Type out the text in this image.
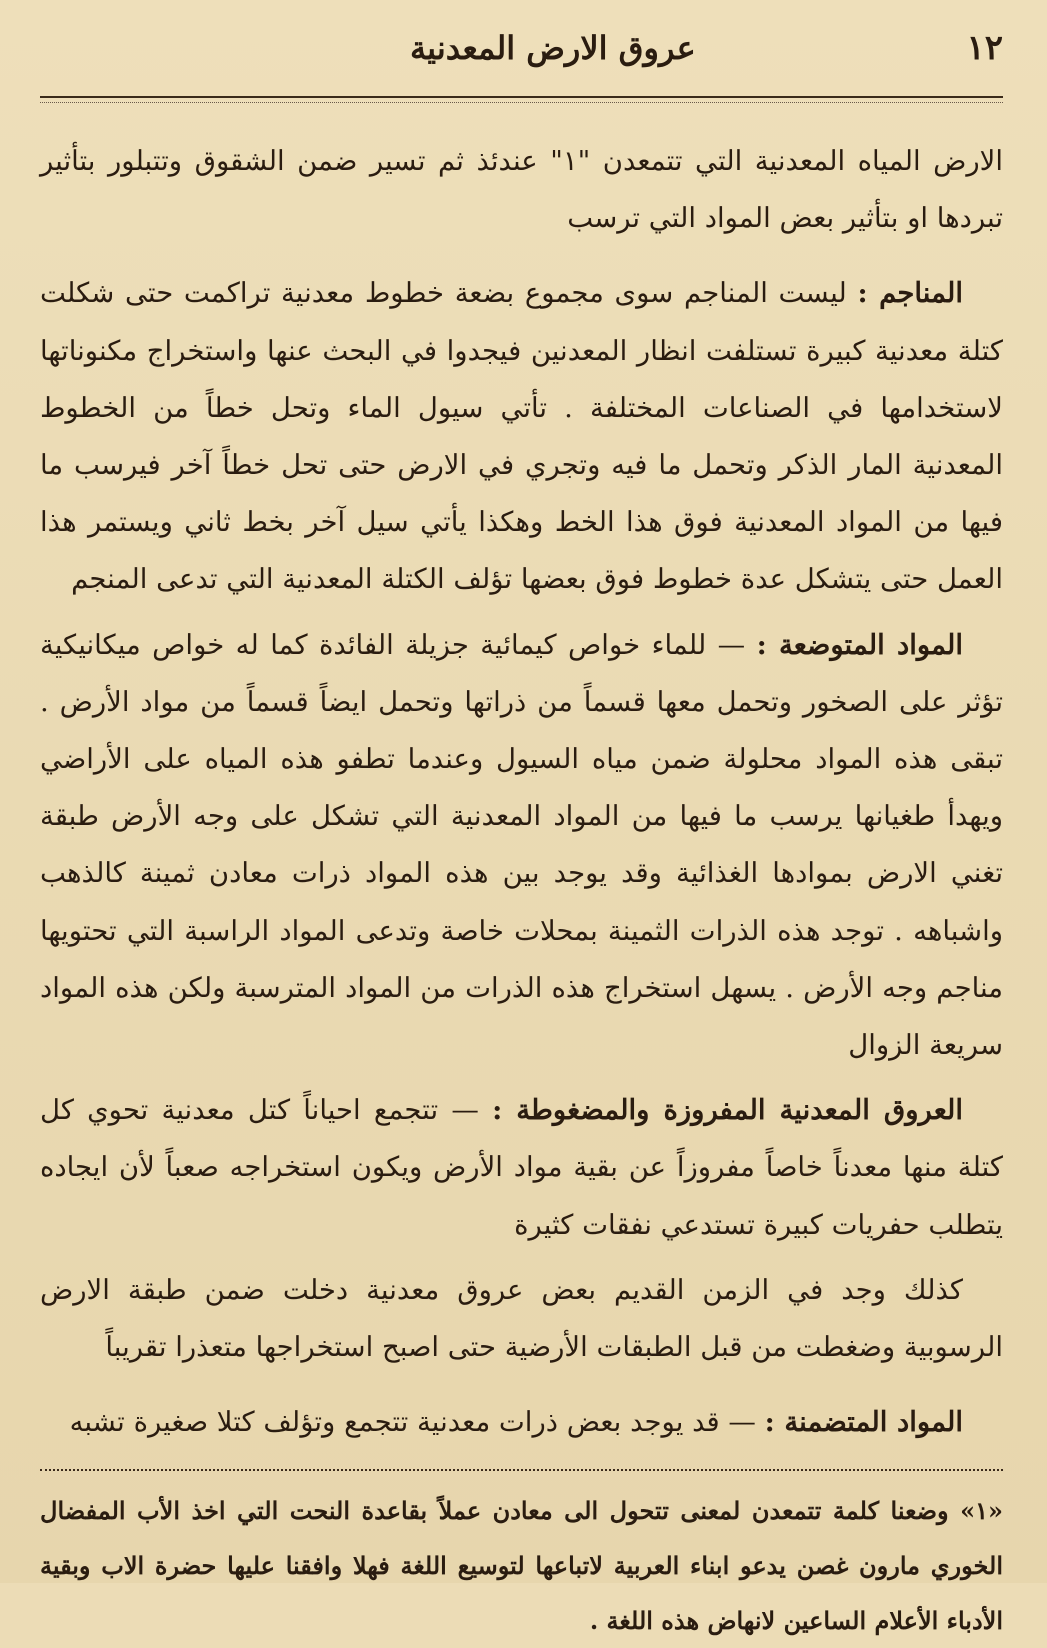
١٢
عروق الارض المعدنية

الارض المياه المعدنية التي تتمعدن "١" عندئذ ثم تسير ضمن الشقوق وتتبلور بتأثير تبردها او بتأثير بعض المواد التي ترسب

المناجم : ليست المناجم سوى مجموع بضعة خطوط معدنية تراكمت حتى شكلت كتلة معدنية كبيرة تستلفت انظار المعدنين فيجدوا في البحث عنها واستخراج مكنوناتها لاستخدامها في الصناعات المختلفة . تأتي سيول الماء وتحل خطاً من الخطوط المعدنية المار الذكر وتحمل ما فيه وتجري في الارض حتى تحل خطاً آخر فيرسب ما فيها من المواد المعدنية فوق هذا الخط وهكذا يأتي سيل آخر بخط ثاني ويستمر هذا العمل حتى يتشكل عدة خطوط فوق بعضها تؤلف الكتلة المعدنية التي تدعى المنجم

المواد المتوضعة : — للماء خواص كيمائية جزيلة الفائدة كما له خواص ميكانيكية تؤثر على الصخور وتحمل معها قسماً من ذراتها وتحمل ايضاً قسماً من مواد الأرض . تبقى هذه المواد محلولة ضمن مياه السيول وعندما تطفو هذه المياه على الأراضي ويهدأ طغيانها يرسب ما فيها من المواد المعدنية التي تشكل على وجه الأرض طبقة تغني الارض بموادها الغذائية وقد يوجد بين هذه المواد ذرات معادن ثمينة كالذهب واشباهه . توجد هذه الذرات الثمينة بمحلات خاصة وتدعى المواد الراسبة التي تحتويها مناجم وجه الأرض . يسهل استخراج هذه الذرات من المواد المترسبة ولكن هذه المواد سريعة الزوال

العروق المعدنية المفروزة والمضغوطة : — تتجمع احياناً كتل معدنية تحوي كل كتلة منها معدناً خاصاً مفروزاً عن بقية مواد الأرض ويكون استخراجه صعباً لأن ايجاده يتطلب حفريات كبيرة تستدعي نفقات كثيرة

كذلك وجد في الزمن القديم بعض عروق معدنية دخلت ضمن طبقة الارض الرسوبية وضغطت من قبل الطبقات الأرضية حتى اصبح استخراجها متعذرا تقريباً

المواد المتضمنة : — قد يوجد بعض ذرات معدنية تتجمع وتؤلف كتلا صغيرة تشبه

«١» وضعنا كلمة تتمعدن لمعنى تتحول الى معادن عملاً بقاعدة النحت التي اخذ الأب المفضال الخوري مارون غصن يدعو ابناء العربية لاتباعها لتوسيع اللغة فهلا وافقنا عليها حضرة الاب وبقية الأدباء الأعلام الساعين لانهاض هذه اللغة .
